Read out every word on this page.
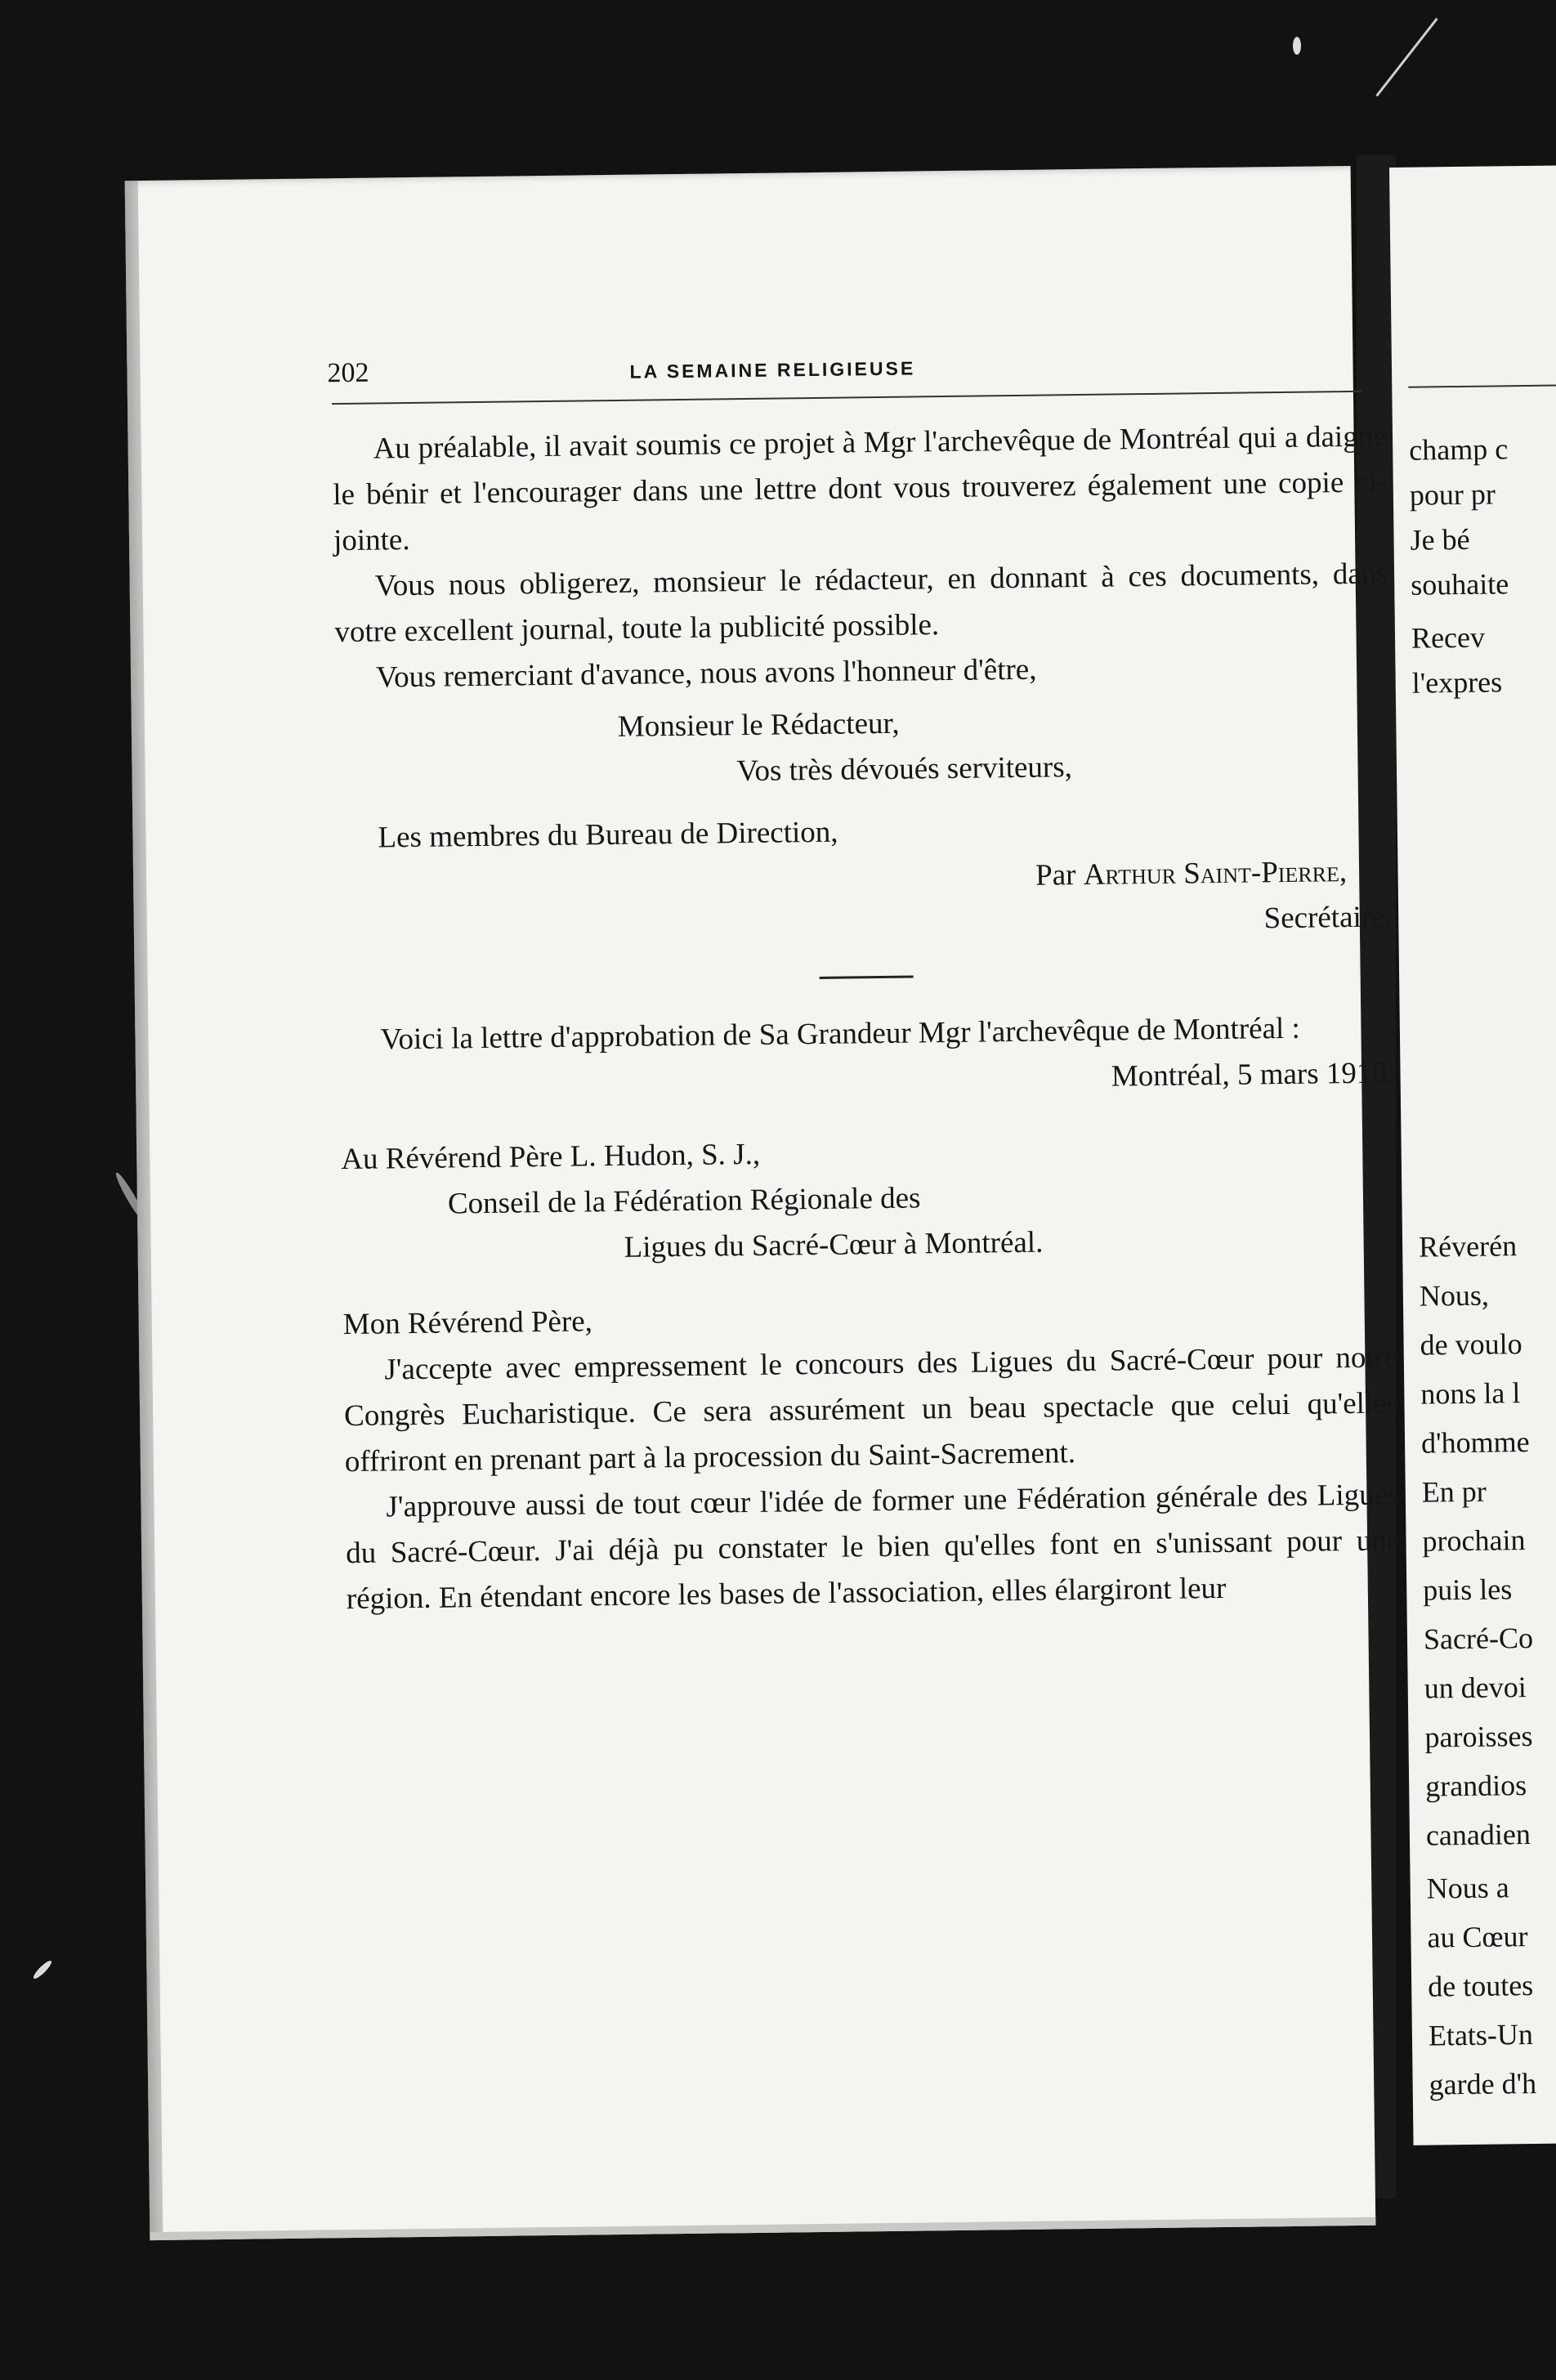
champ c
pour pr
Je bé
souhaite
Recev
l'expres
Réverén
Nous,
de voulo
nons la l
d'homme
En pr
prochain
puis les
Sacré-Co
un devoi
paroisses
grandios
canadien
Nous a
au Cœur
de toutes
Etats-Un
garde d'h
202	LA SEMAINE RELIGIEUSE

Au préalable, il avait soumis ce projet à Mgr l'archevêque de Montréal qui a daigné le bénir et l'encourager dans une lettre dont vous trouverez également une copie ci-jointe.

Vous nous obligerez, monsieur le rédacteur, en donnant à ces documents, dans votre excellent journal, toute la publicité possible.

Vous remerciant d'avance, nous avons l'honneur d'être,

Monsieur le Rédacteur,

Vos très dévoués serviteurs,

Les membres du Bureau de Direction,

Par Arthur Saint-Pierre,

Secrétaire.

Voici la lettre d'approbation de Sa Grandeur Mgr l'archevêque de Montréal :

Montréal, 5 mars 1910.

Au Révérend Père L. Hudon, S. J.,

Conseil de la Fédération Régionale des

Ligues du Sacré-Cœur à Montréal.

Mon Révérend Père,

J'accepte avec empressement le concours des Ligues du Sacré-Cœur pour notre Congrès Eucharistique. Ce sera assurément un beau spectacle que celui qu'elles offriront en prenant part à la procession du Saint-Sacrement.

J'approuve aussi de tout cœur l'idée de former une Fédération générale des Ligues du Sacré-Cœur. J'ai déjà pu constater le bien qu'elles font en s'unissant pour une région. En étendant encore les bases de l'association, elles élargiront leur
